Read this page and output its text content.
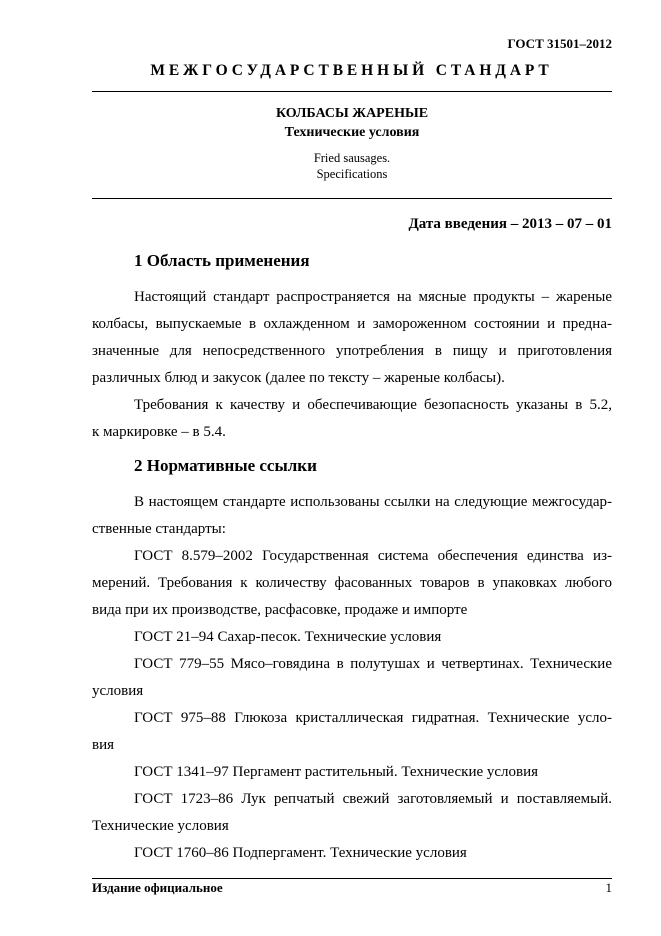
ГОСТ 31501–2012
МЕЖГОСУДАРСТВЕННЫЙ СТАНДАРТ
КОЛБАСЫ ЖАРЕНЫЕ
Технические условия
Fried sausages.
Specifications
Дата введения – 2013 – 07 – 01
1 Область применения
Настоящий стандарт распространяется на мясные продукты – жареные
колбасы, выпускаемые в охлажденном и замороженном состоянии и предна-
значенные для непосредственного употребления в пищу и приготовления
различных блюд и закусок (далее по тексту – жареные колбасы).
Требования к качеству и обеспечивающие безопасность указаны в 5.2,
к маркировке – в 5.4.
2 Нормативные ссылки
В настоящем стандарте использованы ссылки на следующие межгосудар-
ственные стандарты:
ГОСТ 8.579–2002 Государственная система обеспечения единства из-
мерений. Требования к количеству фасованных товаров в упаковках любого
вида при их производстве, расфасовке, продаже и импорте
ГОСТ 21–94 Сахар-песок. Технические условия
ГОСТ 779–55 Мясо–говядина в полутушах и четвертинах. Технические
условия
ГОСТ 975–88 Глюкоза кристаллическая гидратная. Технические усло-
вия
ГОСТ 1341–97 Пергамент растительный. Технические условия
ГОСТ 1723–86 Лук репчатый свежий заготовляемый и поставляемый.
Технические условия
ГОСТ 1760–86 Подпергамент. Технические условия
Издание официальное	1
